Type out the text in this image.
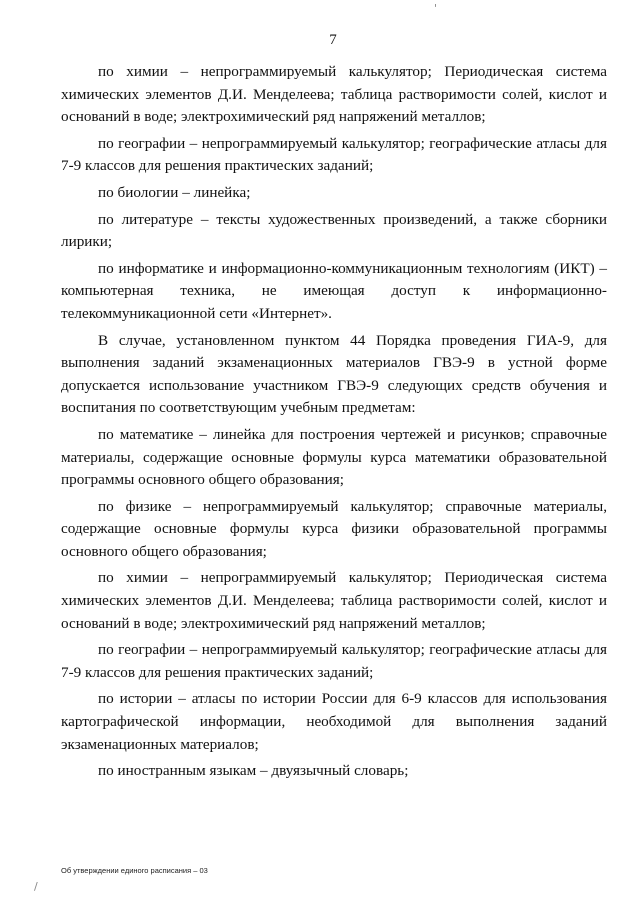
7

по химии – непрограммируемый калькулятор; Периодическая система химических элементов Д.И. Менделеева; таблица растворимости солей, кислот и оснований в воде; электрохимический ряд напряжений металлов;

по географии – непрограммируемый калькулятор; географические атласы для 7-9 классов для решения практических заданий;

по биологии – линейка;

по литературе – тексты художественных произведений, а также сборники лирики;

по информатике и информационно-коммуникационным технологиям (ИКТ) – компьютерная техника, не имеющая доступ к информационно-телекоммуникационной сети «Интернет».

В случае, установленном пунктом 44 Порядка проведения ГИА-9, для выполнения заданий экзаменационных материалов ГВЭ-9 в устной форме допускается использование участником ГВЭ-9 следующих средств обучения и воспитания по соответствующим учебным предметам:

по математике – линейка для построения чертежей и рисунков; справочные материалы, содержащие основные формулы курса математики образовательной программы основного общего образования;

по физике – непрограммируемый калькулятор; справочные материалы, содержащие основные формулы курса физики образовательной программы основного общего образования;

по химии – непрограммируемый калькулятор; Периодическая система химических элементов Д.И. Менделеева; таблица растворимости солей, кислот и оснований в воде; электрохимический ряд напряжений металлов;

по географии – непрограммируемый калькулятор; географические атласы для 7-9 классов для решения практических заданий;

по истории – атласы по истории России для 6-9 классов для использования картографической информации, необходимой для выполнения заданий экзаменационных материалов;

по иностранным языкам – двуязычный словарь;

Об утверждении единого расписания – 03
'
/
